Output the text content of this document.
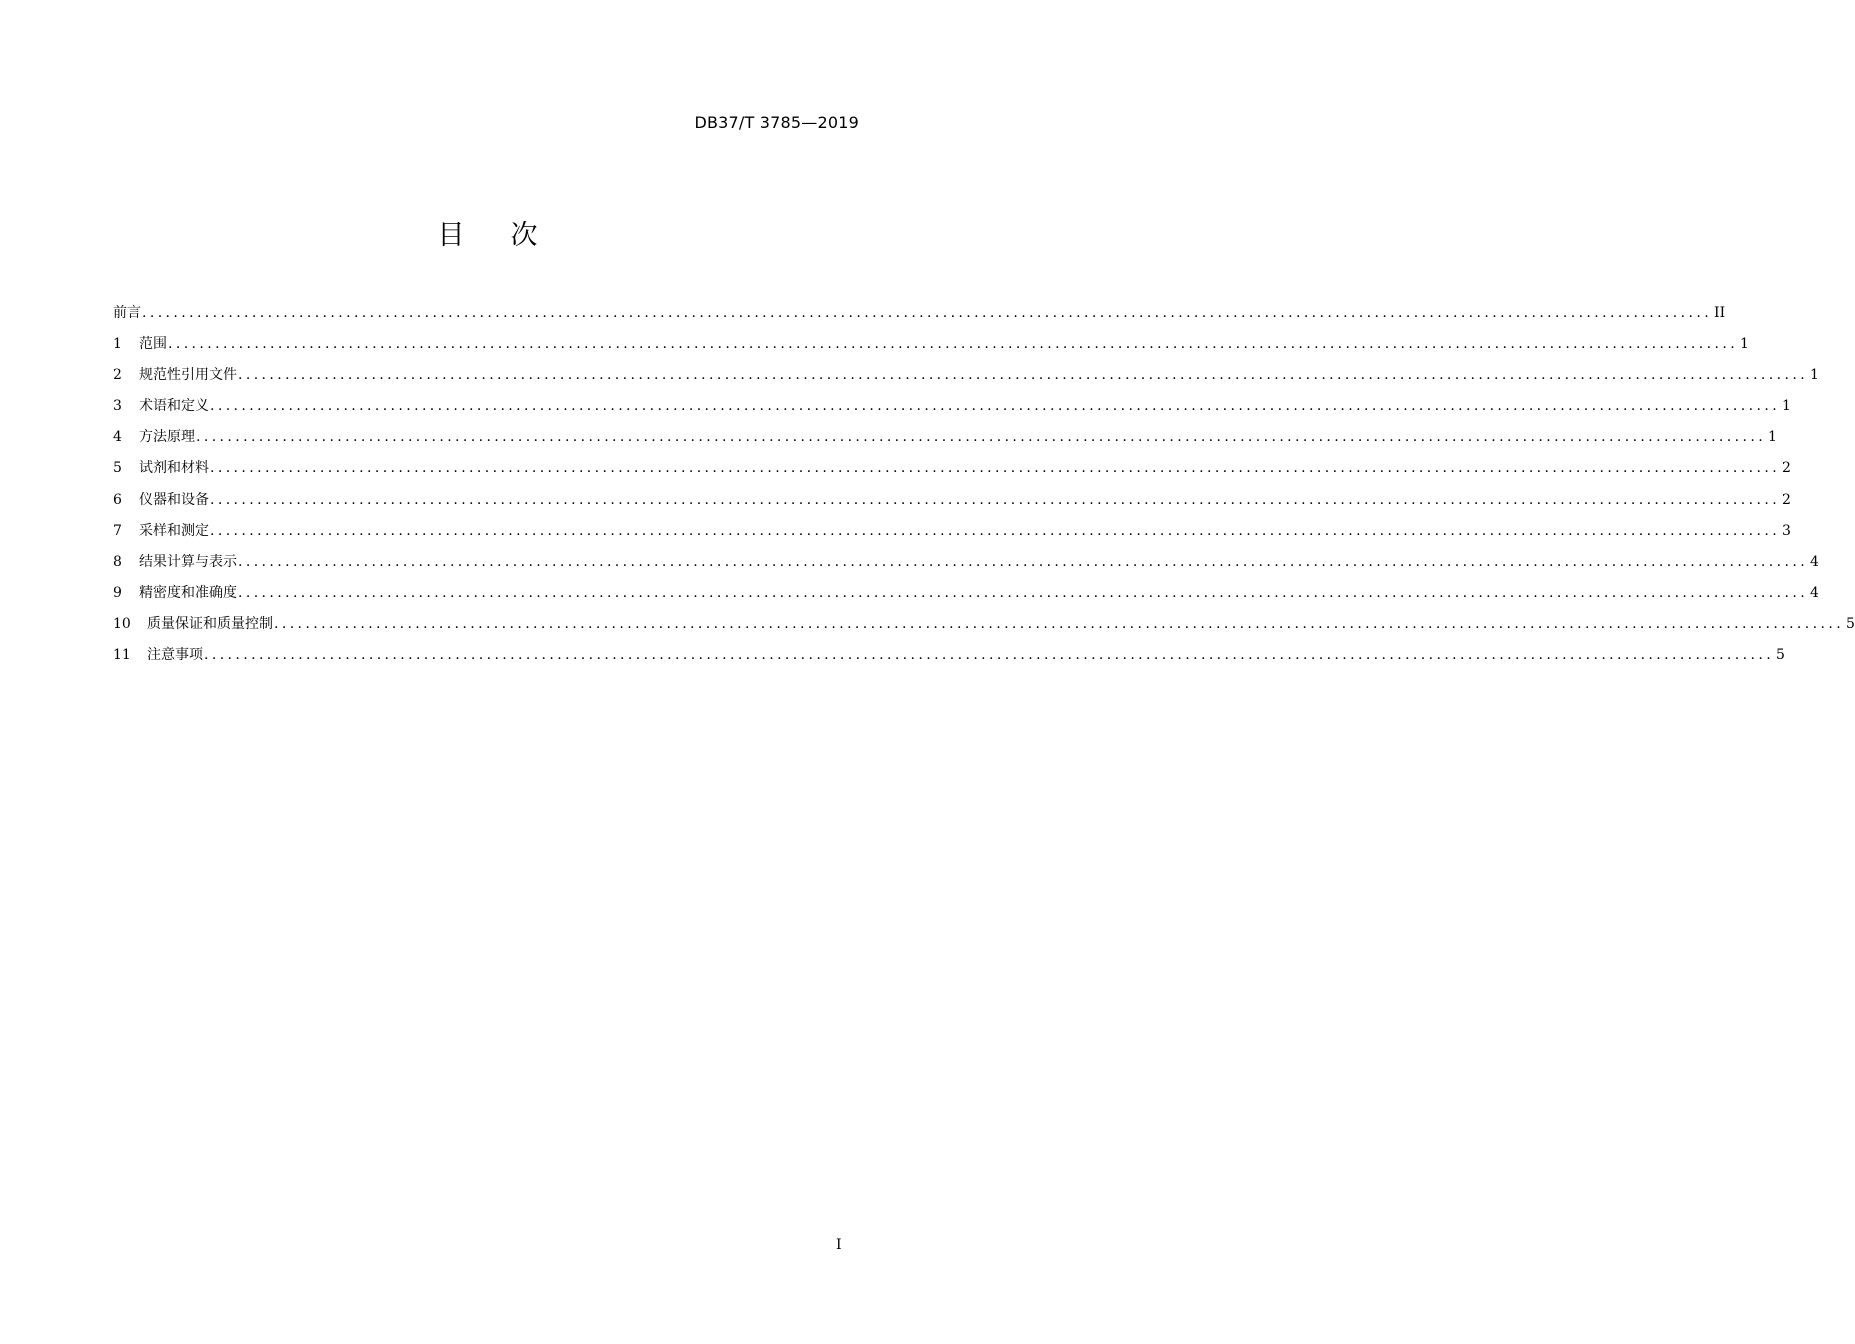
DB37/T 3785—2019
目 次
前言 ........................................................................................................................................................................................................ II
1	范围 ........................................................................................................................................................................................................ 1
2	规范性引用文件 ........................................................................................................................................................................................................ 1
3	术语和定义 ........................................................................................................................................................................................................ 1
4	方法原理 ........................................................................................................................................................................................................ 1
5	试剂和材料 ........................................................................................................................................................................................................ 2
6	仪器和设备 ........................................................................................................................................................................................................ 2
7	采样和测定 ........................................................................................................................................................................................................ 3
8	结果计算与表示 ........................................................................................................................................................................................................ 4
9	精密度和准确度 ........................................................................................................................................................................................................ 4
10	质量保证和质量控制 ........................................................................................................................................................................................................ 5
11	注意事项 ........................................................................................................................................................................................................ 5
I
